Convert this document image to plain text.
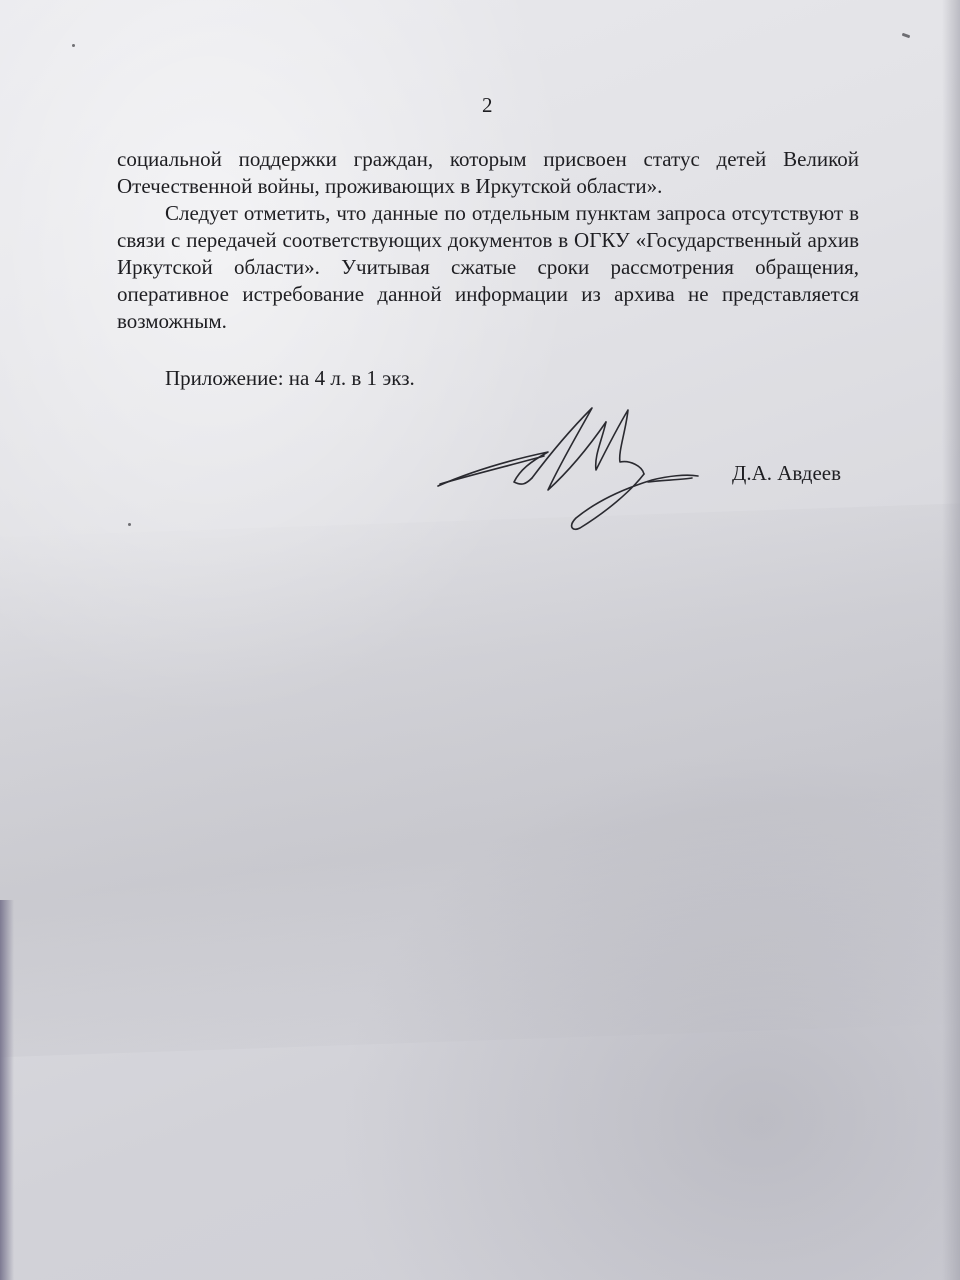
2

социальной поддержки граждан, которым присвоен статус детей Великой Отечественной войны, проживающих в Иркутской области».

Следует отметить, что данные по отдельным пунктам запроса отсутствуют в связи с передачей соответствующих документов в ОГКУ «Государственный архив Иркутской области». Учитывая сжатые сроки рассмотрения обращения, оперативное истребование данной информации из архива не представляется возможным.

Приложение: на 4 л. в 1 экз.

Д.А. Авдеев
